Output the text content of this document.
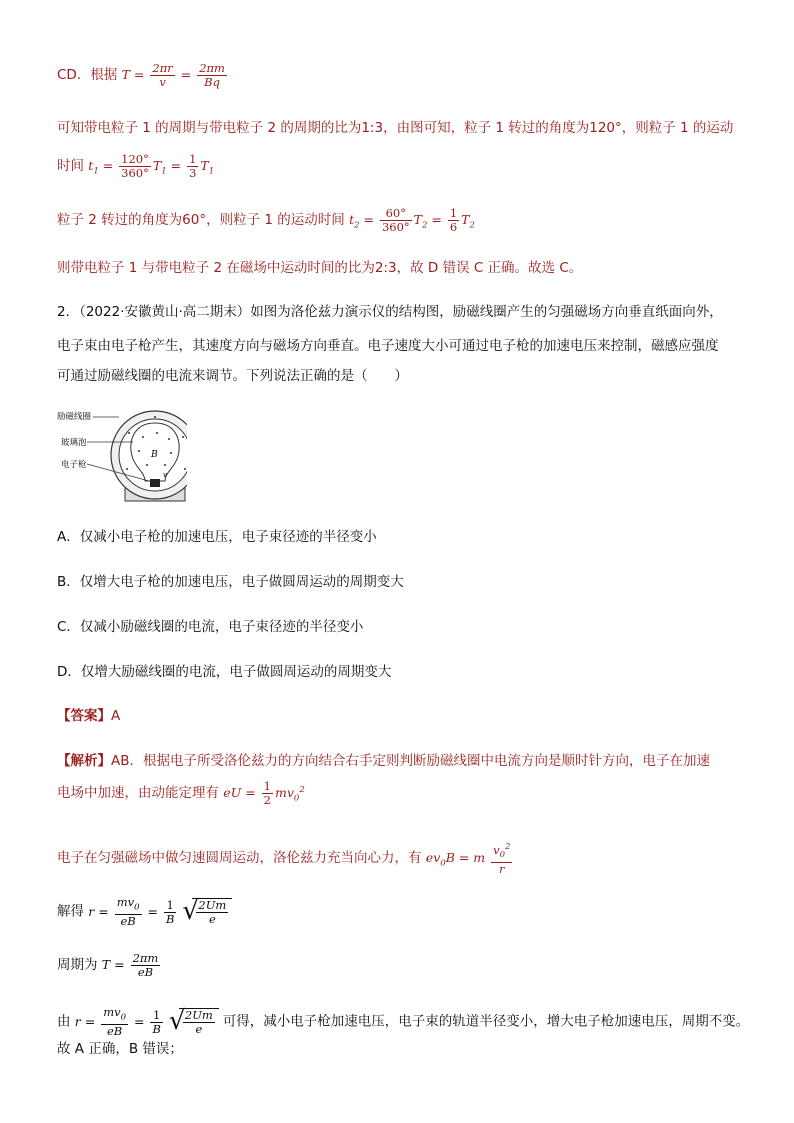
CD．根据 $T = \frac{2\pi r}{v} = \frac{2\pi m}{Bq}$
可知带电粒子 1 的周期与带电粒子 2 的周期的比为1:3，由图可知，粒子 1 转过的角度为120°，则粒子 1 的运动
时间 $t_1 = \frac{120^\circ}{360^\circ} T_1 = \frac{1}{3} T_1$
粒子 2 转过的角度为60°，则粒子 1 的运动时间 $t_2 = \frac{60^\circ}{360^\circ} T_2 = \frac{1}{6} T_2$
则带电粒子 1 与带电粒子 2 在磁场中运动时间的比为2:3，故 D 错误 C 正确。故选 C。
2．（2022·安徽黄山·高二期末）如图为洛伦兹力演示仪的结构图，励磁线圈产生的匀强磁场方向垂直纸面向外，
电子束由电子枪产生，其速度方向与磁场方向垂直。电子速度大小可通过电子枪的加速电压来控制，磁感应强度
可通过励磁线圈的电流来调节。下列说法正确的是（　　）
励磁线圈
玻璃泡
电子枪
B
v
A．仅减小电子枪的加速电压，电子束径迹的半径变小
B．仅增大电子枪的加速电压，电子做圆周运动的周期变大
C．仅减小励磁线圈的电流，电子束径迹的半径变小
D．仅增大励磁线圈的电流，电子做圆周运动的周期变大
【答案】A
【解析】AB．根据电子所受洛伦兹力的方向结合右手定则判断励磁线圈中电流方向是顺时针方向，电子在加速
电场中加速，由动能定理有 eU = $\frac{1}{2} mv_0^2$
电子在匀强磁场中做匀速圆周运动，洛伦兹力充当向心力，有 $ev_0B = m \frac{v_0^2}{r}$
解得 $r = \frac{mv_0}{eB} = \frac{1}{B}$
√
$\frac{2Um}{e}$
周期为 $T = \frac{2\pi m}{eB}$
由 $r = \frac{mv_0}{eB} = \frac{1}{B}$
√
$\frac{2Um}{e}$ 可得，减小电子枪加速电压，电子束的轨道半径变小，增大电子枪加速电压，周期不变。
故 A 正确，B 错误；
